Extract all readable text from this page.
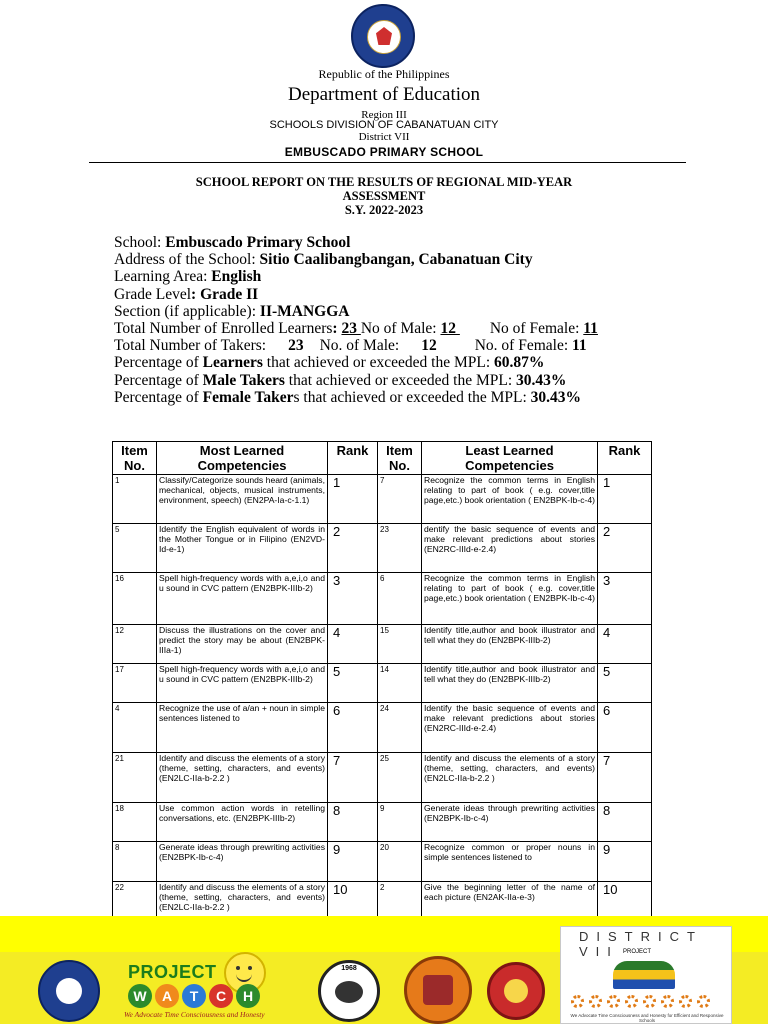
Republic of the Philippines
Department of Education
Region III
SCHOOLS DIVISION OF CABANATUAN CITY
District VII
EMBUSCADO PRIMARY SCHOOL
SCHOOL REPORT ON THE RESULTS OF REGIONAL MID-YEAR
ASSESSMENT
S.Y. 2022-2023
School: Embuscado Primary School
Address of the School: Sitio Caalibangbangan, Cabanatuan City
Learning Area: English
Grade Level: Grade II
Section (if applicable): II-MANGGA
Total Number of Enrolled Learners: 23 No of Male: 12 No of Female: 11
Total Number of Takers: 23 No. of Male: 12 No. of Female: 11
Percentage of Learners that achieved or exceeded the MPL: 60.87%
Percentage of Male Takers that achieved or exceeded the MPL: 30.43%
Percentage of Female Takers that achieved or exceeded the MPL: 30.43%
Item No.	Most Learned Competencies	Rank	Item No.	Least Learned Competencies	Rank
1	Classify/Categorize sounds heard (animals, mechanical, objects, musical instruments, environment, speech) (EN2PA-Ia-c-1.1)	1	7	Recognize the common terms in English relating to part of book ( e.g. cover,title page,etc.) book orientation ( EN2BPK-Ib-c-4)	1
5	Identify the English equivalent of words in the Mother Tongue or in Filipino (EN2VD-Id-e-1)	2	23	dentify the basic sequence of events and make relevant predictions about stories (EN2RC-IIId-e-2.4)	2
16	Spell high-frequency words with a,e,i,o and u sound in CVC pattern (EN2BPK-IIIb-2)	3	6	Recognize the common terms in English relating to part of book ( e.g. cover,title page,etc.) book orientation ( EN2BPK-Ib-c-4)	3
12	Discuss the illustrations on the cover and predict the story may be about (EN2BPK-IIIa-1)	4	15	Identify title,author and book illustrator and tell what they do (EN2BPK-IIIb-2)	4
17	Spell high-frequency words with a,e,i,o and u sound in CVC pattern (EN2BPK-IIIb-2)	5	14	Identify title,author and book illustrator and tell what they do (EN2BPK-IIIb-2)	5
4	Recognize the use of a/an + noun in simple sentences listened to	6	24	Identify the basic sequence of events and make relevant predictions about stories (EN2RC-IIId-e-2.4)	6
21	Identify and discuss the elements of a story (theme, setting, characters, and events) (EN2LC-IIa-b-2.2 )	7	25	Identify and discuss the elements of a story (theme, setting, characters, and events) (EN2LC-IIa-b-2.2 )	7
18	Use common action words in retelling conversations, etc. (EN2BPK-IIIb-2)	8	9	Generate ideas through prewriting activities (EN2BPK-Ib-c-4)	8
8	Generate ideas through prewriting activities (EN2BPK-Ib-c-4)	9	20	Recognize common or proper nouns in simple sentences listened to	9
22	Identify and discuss the elements of a story (theme, setting, characters, and events) (EN2LC-IIa-b-2.2 )	10	2	Give the beginning letter of the name of each picture (EN2AK-IIa-e-3)	10
PROJECT
W	A	T	C	H
We Advocate Time Consciousness and Honesty
1968
DISTRICT VII PROJECT
We Advocate Time Consciousness and Honesty for Efficient and Responsive Schools
